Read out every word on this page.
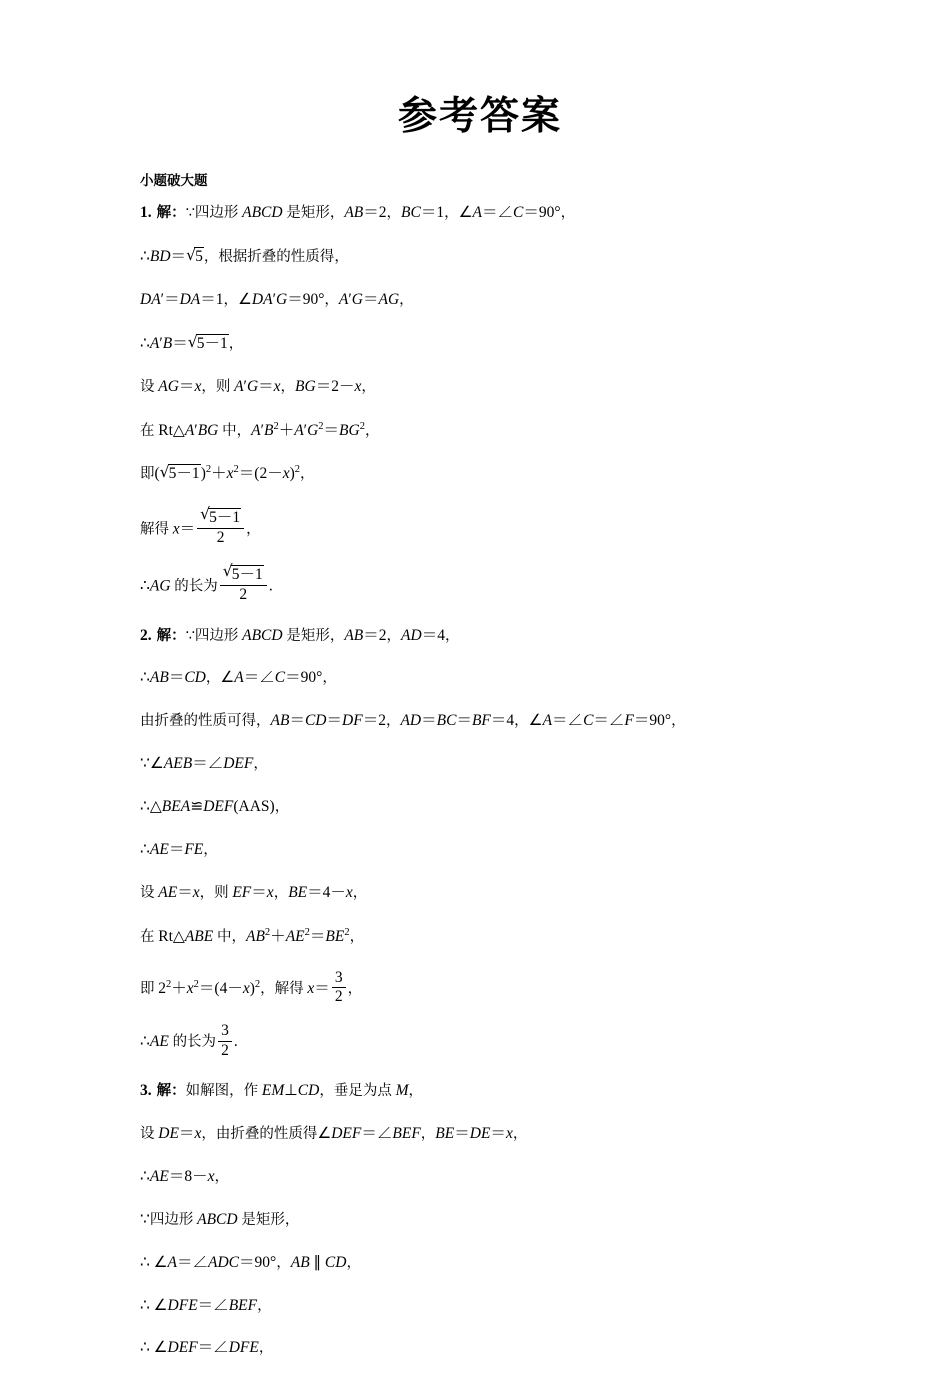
参考答案
小题破大题
1. 解：∵四边形 ABCD 是矩形，AB＝2，BC＝1，∠A＝∠C＝90°，
∴BD＝ √ 5，根据折叠的性质得，
DA′＝DA＝1，∠DA′G＝90°，A′G＝AG，
∴A′B＝ √ 5－1，
设 AG＝x，则 A′G＝x，BG＝2－x，
在 Rt△A′BG 中，$A'B^2+A'G^2=BG^2$，
即( √ $5-1)^2+x^2=(2-x)^2$，
解得 x＝ √ $\frac{5-1}{2}$ ，
∴AG 的长为 √ $\frac{5-1}{2}$ .
2. 解：∵四边形 ABCD 是矩形，AB＝2，AD＝4，
∴AB＝CD，∠A＝∠C＝90°，
由折叠的性质可得，AB＝CD＝DF＝2，AD＝BC＝BF＝4，∠A＝∠C＝∠F＝90°，
∵∠AEB＝∠DEF，
∴△BEA≌DEF(AAS)，
∴AE＝FE，
设 AE＝x，则 EF＝x，BE＝4－x，
在 Rt△ABE 中，$AB^2+AE^2=BE^2$，
即 $2^2+x^2=(4-x)^2$，解得 $x= \frac{3}{2}$ ，
∴AE 的长为 $\frac{3}{2}$ .
3. 解：如解图，作 EM⊥CD，垂足为点 M，
设 DE＝x，由折叠的性质得∠DEF＝∠BEF，BE＝DE＝x，
∴AE＝8－x，
∵四边形 ABCD 是矩形，
∴ ∠A＝∠ADC＝90°，AB ∥ CD，
∴ ∠DFE＝∠BEF，
∴ ∠DEF＝∠DFE，
